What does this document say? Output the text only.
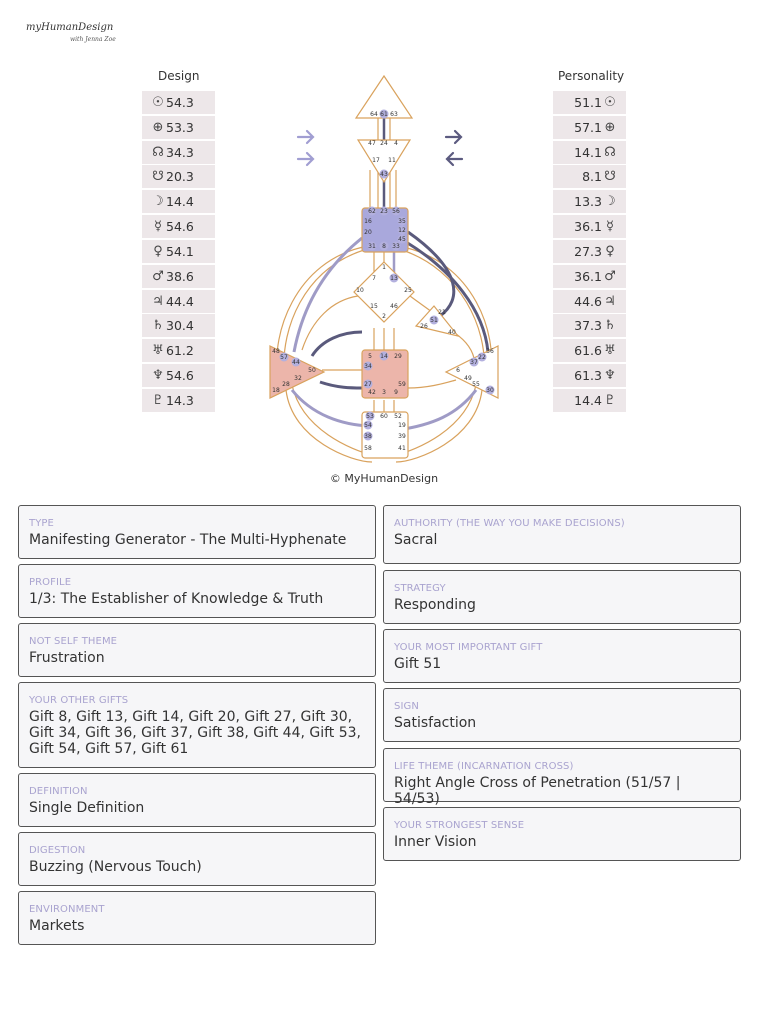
myHumanDesign
with Jenna Zoe
Design	Personality
☉ 54.3
⊕ 53.3
☊ 34.3
☋ 20.3
☽ 14.4
☿ 54.6
♀ 54.1
♂ 38.6
♃ 44.4
♄ 30.4
♅ 61.2
♆ 54.6
♇ 14.3
51.1 ☉
57.1 ⊕
14.1 ☊
8.1 ☋
13.3 ☽
36.1 ☿
27.3 ♀
36.1 ♂
44.6 ♃
37.3 ♄
61.6 ♅
61.3 ♆
14.4 ♇
64 61 63
47 24 4
17 11
43
62 23 56
16	35
20	12
45
31 8 33
1
7 13
10	25
15 46
2
21
51
26
40
48
57
44
50
32
28
18
5 14 29
34
27	59
42 3 9
36
22
37
6
49
55
30
53 60 52
54	19
38	39
58	41
© MyHumanDesign
TYPE
Manifesting Generator - The Multi-Hyphenate
PROFILE
1/3: The Establisher of Knowledge & Truth
NOT SELF THEME
Frustration
YOUR OTHER GIFTS
Gift 8, Gift 13, Gift 14, Gift 20, Gift 27, Gift 30, Gift 34, Gift 36, Gift 37, Gift 38, Gift 44, Gift 53, Gift 54, Gift 57, Gift 61
DEFINITION
Single Definition
DIGESTION
Buzzing (Nervous Touch)
ENVIRONMENT
Markets
AUTHORITY (THE WAY YOU MAKE DECISIONS)
Sacral
STRATEGY
Responding
YOUR MOST IMPORTANT GIFT
Gift 51
SIGN
Satisfaction
LIFE THEME (INCARNATION CROSS)
Right Angle Cross of Penetration (51/57 | 54/53)
YOUR STRONGEST SENSE
Inner Vision
